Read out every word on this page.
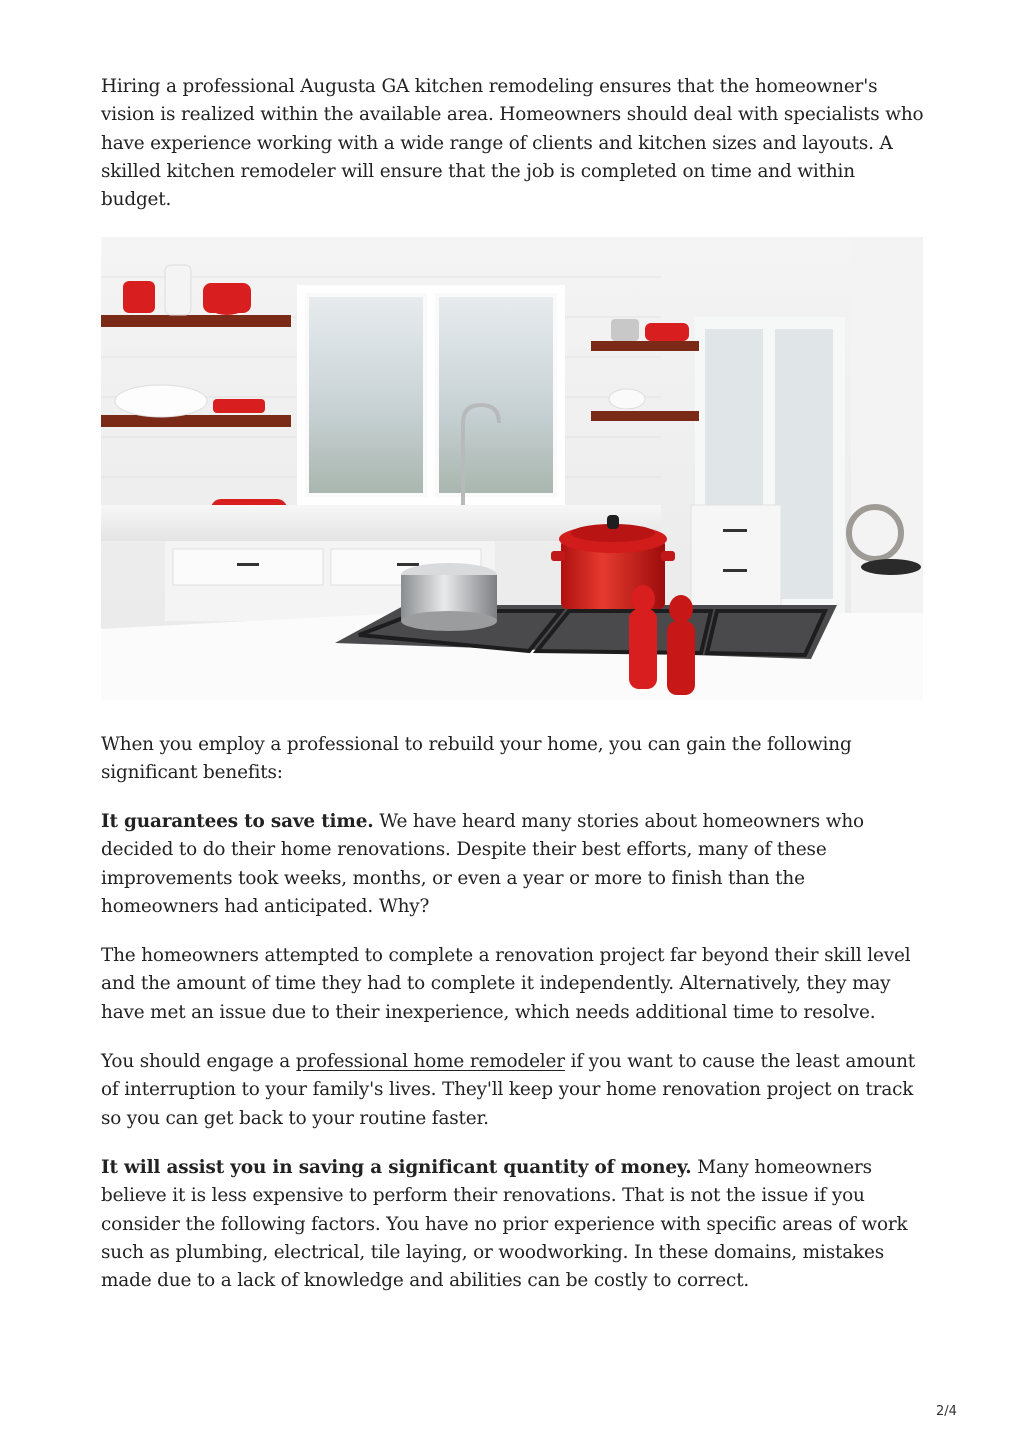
Hiring a professional Augusta GA kitchen remodeling ensures that the homeowner's vision is realized within the available area. Homeowners should deal with specialists who have experience working with a wide range of clients and kitchen sizes and layouts. A skilled kitchen remodeler will ensure that the job is completed on time and within budget.

When you employ a professional to rebuild your home, you can gain the following significant benefits:

It guarantees to save time. We have heard many stories about homeowners who decided to do their home renovations. Despite their best efforts, many of these improvements took weeks, months, or even a year or more to finish than the homeowners had anticipated. Why?

The homeowners attempted to complete a renovation project far beyond their skill level and the amount of time they had to complete it independently. Alternatively, they may have met an issue due to their inexperience, which needs additional time to resolve.

You should engage a professional home remodeler if you want to cause the least amount of interruption to your family's lives. They'll keep your home renovation project on track so you can get back to your routine faster.

It will assist you in saving a significant quantity of money. Many homeowners believe it is less expensive to perform their renovations. That is not the issue if you consider the following factors. You have no prior experience with specific areas of work such as plumbing, electrical, tile laying, or woodworking. In these domains, mistakes made due to a lack of knowledge and abilities can be costly to correct.

2/4
